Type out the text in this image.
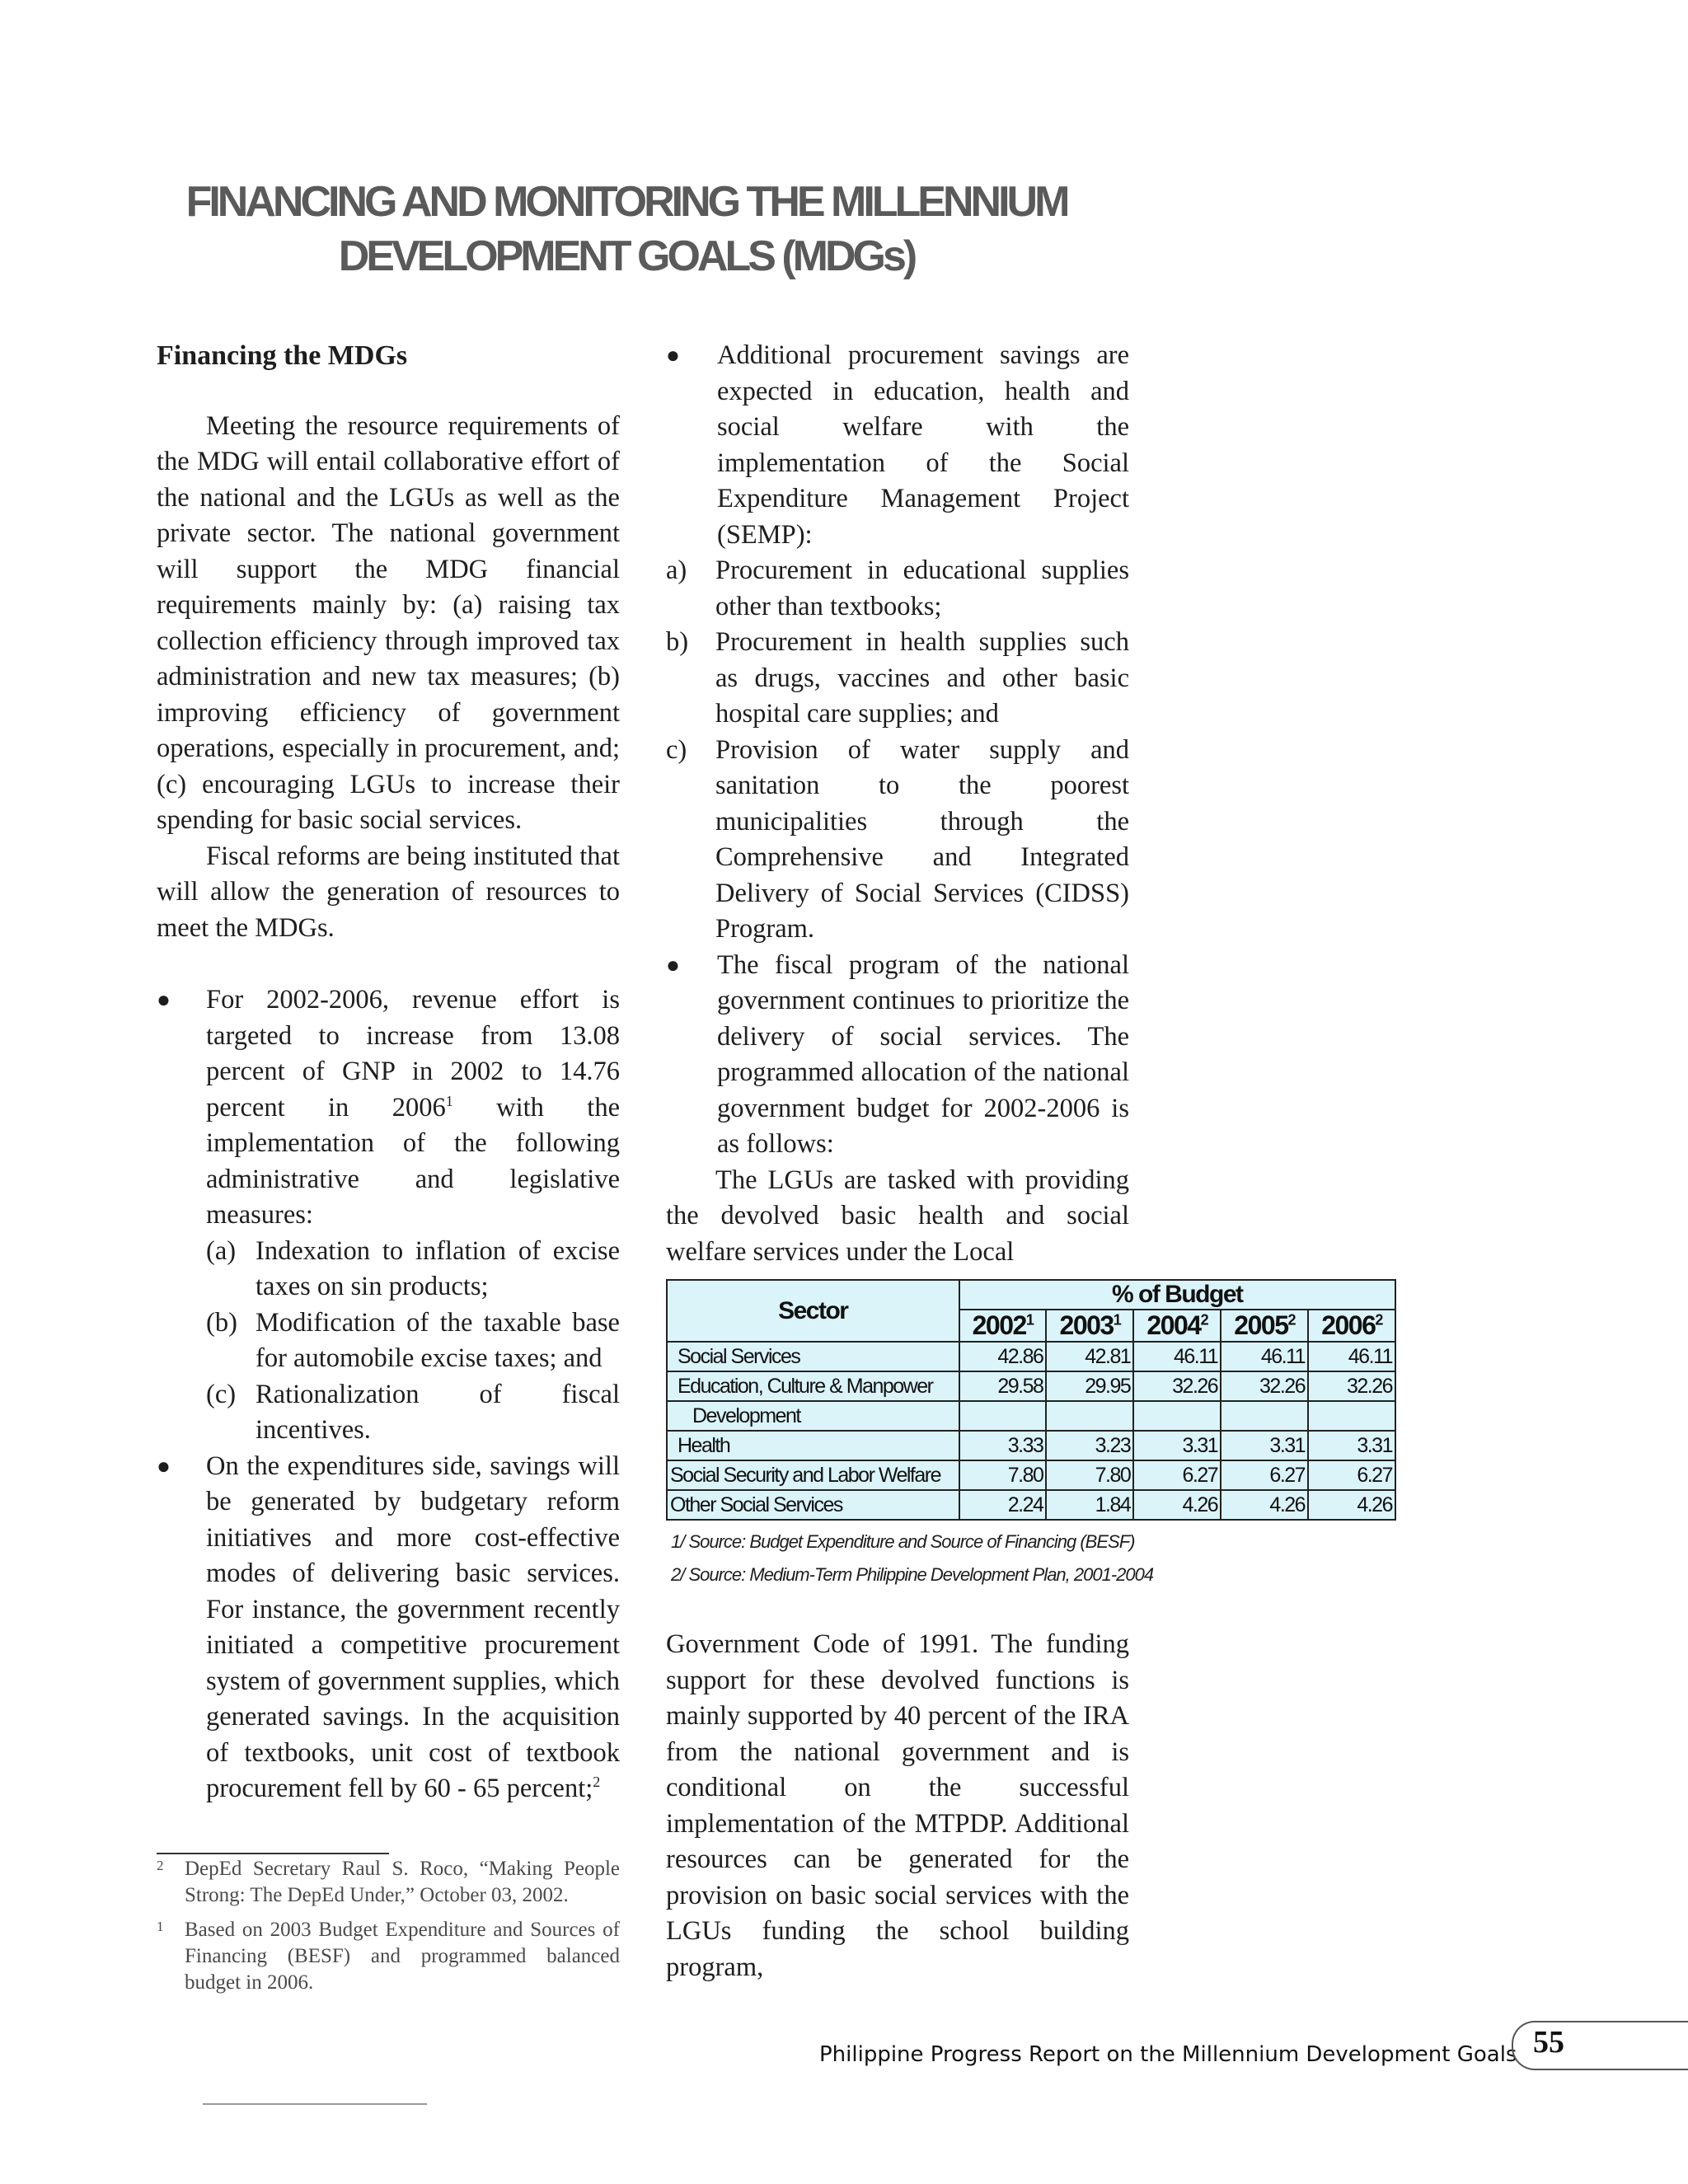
FINANCING AND MONITORING THE MILLENNIUM
DEVELOPMENT GOALS (MDGs)

Financing the MDGs

Meeting the resource requirements of the MDG will entail collaborative effort of the national and the LGUs as well as the private sector. The national government will support the MDG financial requirements mainly by: (a) raising tax collection efficiency through improved tax administration and new tax measures; (b) improving efficiency of government operations, especially in procurement, and; (c) encouraging LGUs to increase their spending for basic social services.

Fiscal reforms are being instituted that will allow the generation of resources to meet the MDGs.

● For 2002-2006, revenue effort is targeted to increase from 13.08 percent of GNP in 2002 to 14.76 percent in 2006$^1$ with the implementation of the following administrative and legislative measures:
(a) Indexation to inflation of excise taxes on sin products;
(b) Modification of the taxable base for automobile excise taxes; and
(c) Rationalization of fiscal incentives.
● On the expenditures side, savings will be generated by budgetary reform initiatives and more cost-effective modes of delivering basic services. For instance, the government recently initiated a competitive procurement system of government supplies, which generated savings. In the acquisition of textbooks, unit cost of textbook procurement fell by 60 - 65 percent;$^2$
● Additional procurement savings are expected in education, health and social welfare with the implementation of the Social Expenditure Management Project (SEMP):
a) Procurement in educational supplies other than textbooks;
b) Procurement in health supplies such as drugs, vaccines and other basic hospital care supplies; and
c) Provision of water supply and sanitation to the poorest municipalities through the Comprehensive and Integrated Delivery of Social Services (CIDSS) Program.
● The fiscal program of the national government continues to prioritize the delivery of social services. The programmed allocation of the national government budget for 2002-2006 is as follows:

The LGUs are tasked with providing the devolved basic health and social welfare services under the Local

Sector	% of Budget				
	2002$^1$	2003$^1$	2004$^2$	2005$^2$	2006$^2$
Social Services	42.86	42.81	46.11	46.11	46.11
Education, Culture & Manpower	29.58	29.95	32.26	32.26	32.26
Development					
Health	3.33	3.23	3.31	3.31	3.31
Social Security and Labor Welfare	7.80	7.80	6.27	6.27	6.27
Other Social Services	2.24	1.84	4.26	4.26	4.26
1/ Source: Budget Expenditure and Source of Financing (BESF)
2/ Source: Medium-Term Philippine Development Plan, 2001-2004

Government Code of 1991. The funding support for these devolved functions is mainly supported by 40 percent of the IRA from the national government and is conditional on the successful implementation of the MTPDP. Additional resources can be generated for the provision on basic social services with the LGUs funding the school building program,

2 DepEd Secretary Raul S. Roco, “Making People Strong: The DepEd Under,” October 03, 2002.
1 Based on 2003 Budget Expenditure and Sources of Financing (BESF) and programmed balanced budget in 2006.
Philippine Progress Report on the Millennium Development Goals 55
